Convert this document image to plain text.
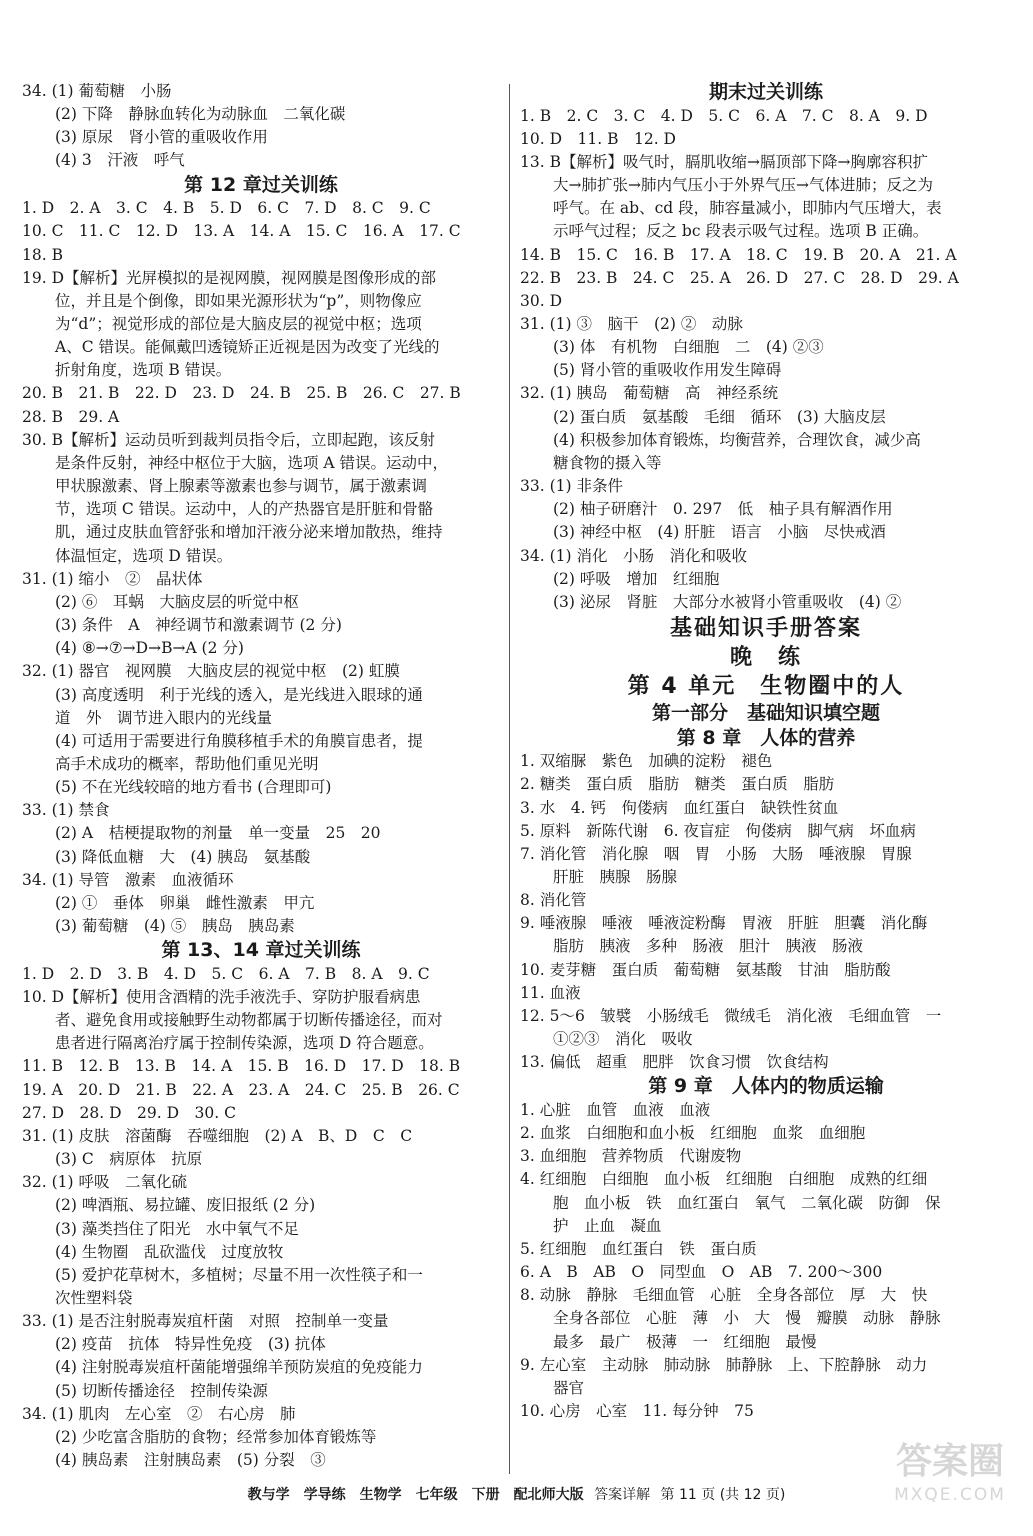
34. (1) 葡萄糖　小肠
(2) 下降　静脉血转化为动脉血　二氧化碳
(3) 原尿　肾小管的重吸收作用
(4) 3　汗液　呼气
第 12 章过关训练
1. D　2. A　3. C　4. B　5. D　6. C　7. D　8. C　9. C
10. C　11. C　12. D　13. A　14. A　15. C　16. A　17. C
18. B
19. D【解析】光屏模拟的是视网膜，视网膜是图像形成的部
位，并且是个倒像，即如果光源形状为“p”，则物像应
为“d”；视觉形成的部位是大脑皮层的视觉中枢；选项
A、C 错误。能佩戴凹透镜矫正近视是因为改变了光线的
折射角度，选项 B 错误。
20. B　21. B　22. D　23. D　24. B　25. B　26. C　27. B
28. B　29. A
30. B【解析】运动员听到裁判员指令后，立即起跑，该反射
是条件反射，神经中枢位于大脑，选项 A 错误。运动中，
甲状腺激素、肾上腺素等激素也参与调节，属于激素调
节，选项 C 错误。运动中，人的产热器官是肝脏和骨骼
肌，通过皮肤血管舒张和增加汗液分泌来增加散热，维持
体温恒定，选项 D 错误。
31. (1) 缩小　②　晶状体
(2) ⑥　耳蜗　大脑皮层的听觉中枢
(3) 条件　A　神经调节和激素调节 (2 分)
(4) ⑧→⑦→D→B→A (2 分)
32. (1) 器官　视网膜　大脑皮层的视觉中枢　(2) 虹膜
(3) 高度透明　利于光线的透入，是光线进入眼球的通
道　外　调节进入眼内的光线量
(4) 可适用于需要进行角膜移植手术的角膜盲患者，提
高手术成功的概率，帮助他们重见光明
(5) 不在光线较暗的地方看书 (合理即可)
33. (1) 禁食
(2) A　桔梗提取物的剂量　单一变量　25　20
(3) 降低血糖　大　(4) 胰岛　氨基酸
34. (1) 导管　激素　血液循环
(2) ①　垂体　卵巢　雌性激素　甲亢
(3) 葡萄糖　(4) ⑤　胰岛　胰岛素
第 13、14 章过关训练
1. D　2. D　3. B　4. D　5. C　6. A　7. B　8. A　9. C
10. D【解析】使用含酒精的洗手液洗手、穿防护服看病患
者、避免食用或接触野生动物都属于切断传播途径，而对
患者进行隔离治疗属于控制传染源，选项 D 符合题意。
11. B　12. B　13. B　14. A　15. B　16. D　17. D　18. B
19. A　20. D　21. B　22. A　23. A　24. C　25. B　26. C
27. D　28. D　29. D　30. C
31. (1) 皮肤　溶菌酶　吞噬细胞　(2) A　B、D　C　C
(3) C　病原体　抗原
32. (1) 呼吸　二氧化硫
(2) 啤酒瓶、易拉罐、废旧报纸 (2 分)
(3) 藻类挡住了阳光　水中氧气不足
(4) 生物圈　乱砍滥伐　过度放牧
(5) 爱护花草树木，多植树；尽量不用一次性筷子和一
次性塑料袋
33. (1) 是否注射脱毒炭疽杆菌　对照　控制单一变量
(2) 疫苗　抗体　特异性免疫　(3) 抗体
(4) 注射脱毒炭疽杆菌能增强绵羊预防炭疽的免疫能力
(5) 切断传播途径　控制传染源
34. (1) 肌肉　左心室　②　右心房　肺
(2) 少吃富含脂肪的食物；经常参加体育锻炼等
(4) 胰岛素　注射胰岛素　(5) 分裂　③
期末过关训练
1. B　2. C　3. C　4. D　5. C　6. A　7. C　8. A　9. D
10. D　11. B　12. D
13. B【解析】吸气时，膈肌收缩→膈顶部下降→胸廓容积扩
大→肺扩张→肺内气压小于外界气压→气体进肺；反之为
呼气。在 ab、cd 段，肺容量减小，即肺内气压增大，表
示呼气过程；反之 bc 段表示吸气过程。选项 B 正确。
14. B　15. C　16. B　17. A　18. C　19. B　20. A　21. A
22. B　23. B　24. C　25. A　26. D　27. C　28. D　29. A
30. D
31. (1) ③　脑干　(2) ②　动脉
(3) 体　有机物　白细胞　二　(4) ②③
(5) 肾小管的重吸收作用发生障碍
32. (1) 胰岛　葡萄糖　高　神经系统
(2) 蛋白质　氨基酸　毛细　循环　(3) 大脑皮层
(4) 积极参加体育锻炼，均衡营养，合理饮食，减少高
糖食物的摄入等
33. (1) 非条件
(2) 柚子研磨汁　0. 297　低　柚子具有解酒作用
(3) 神经中枢　(4) 肝脏　语言　小脑　尽快戒酒
34. (1) 消化　小肠　消化和吸收
(2) 呼吸　增加　红细胞
(3) 泌尿　肾脏　大部分水被肾小管重吸收　(4) ②
基础知识手册答案
晚　练
第 4 单元　生物圈中的人
第一部分　基础知识填空题
第 8 章　人体的营养
1. 双缩脲　紫色　加碘的淀粉　褪色
2. 糖类　蛋白质　脂肪　糖类　蛋白质　脂肪
3. 水　4. 钙　佝偻病　血红蛋白　缺铁性贫血
5. 原料　新陈代谢　6. 夜盲症　佝偻病　脚气病　坏血病
7. 消化管　消化腺　咽　胃　小肠　大肠　唾液腺　胃腺
肝脏　胰腺　肠腺
8. 消化管
9. 唾液腺　唾液　唾液淀粉酶　胃液　肝脏　胆囊　消化酶
脂肪　胰液　多种　肠液　胆汁　胰液　肠液
10. 麦芽糖　蛋白质　葡萄糖　氨基酸　甘油　脂肪酸
11. 血液
12. 5～6　皱襞　小肠绒毛　微绒毛　消化液　毛细血管　一
①②③　消化　吸收
13. 偏低　超重　肥胖　饮食习惯　饮食结构
第 9 章　人体内的物质运输
1. 心脏　血管　血液　血液
2. 血浆　白细胞和血小板　红细胞　血浆　血细胞
3. 血细胞　营养物质　代谢废物
4. 红细胞　白细胞　血小板　红细胞　白细胞　成熟的红细
胞　血小板　铁　血红蛋白　氧气　二氧化碳　防御　保
护　止血　凝血
5. 红细胞　血红蛋白　铁　蛋白质
6. A　B　AB　O　同型血　O　AB　7. 200～300
8. 动脉　静脉　毛细血管　心脏　全身各部位　厚　大　快
全身各部位　心脏　薄　小　大　慢　瓣膜　动脉　静脉
最多　最广　极薄　一　红细胞　最慢
9. 左心室　主动脉　肺动脉　肺静脉　上、下腔静脉　动力
器官
10. 心房　心室　11. 每分钟　75
教与学　学导练　生物学　七年级　下册　配北师大版 答案详解 第 11 页 (共 12 页)
答案圈
MXQE.COM
